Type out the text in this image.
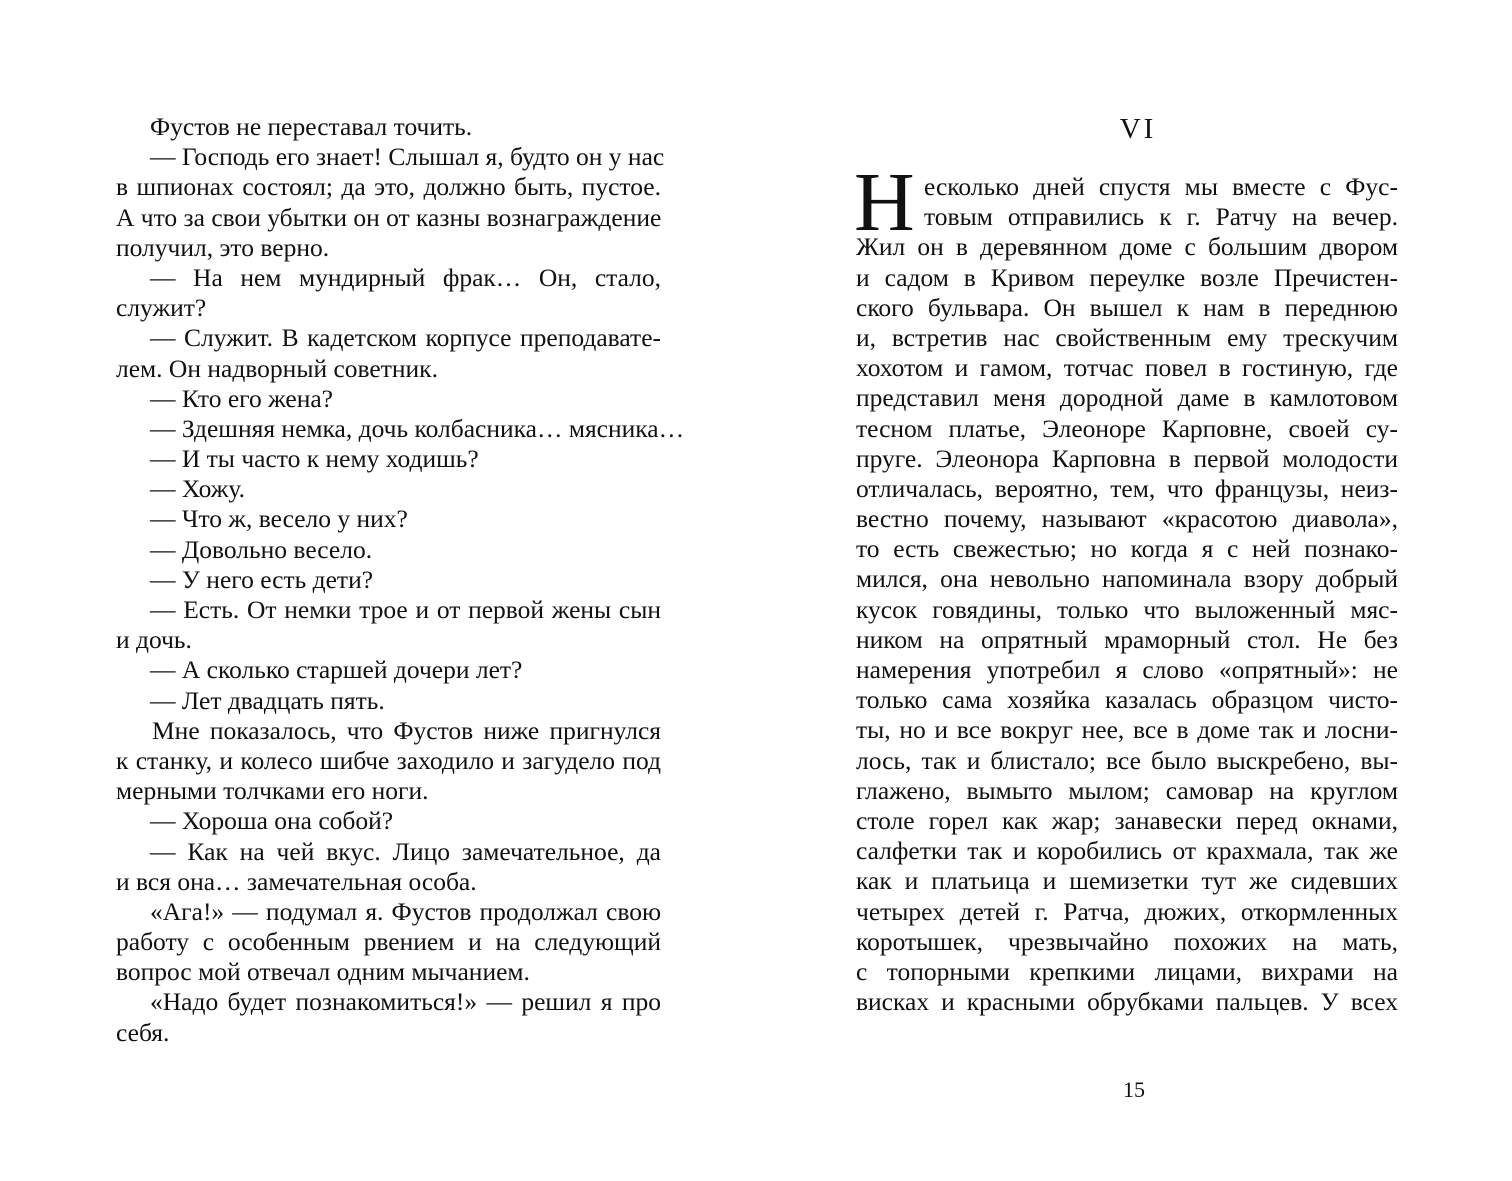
Фустов не переставал точить.
— Господь его знает! Слышал я, будто он у нас
в шпионах состоял; да это, должно быть, пустое.
А что за свои убытки он от казны вознаграждение
получил, это верно.
— На нем мундирный фрак… Он, стало,
служит?
— Служит. В кадетском корпусе преподавате-
лем. Он надворный советник.
— Кто его жена?
— Здешняя немка, дочь колбасника… мясника…
— И ты часто к нему ходишь?
— Хожу.
— Что ж, весело у них?
— Довольно весело.
— У него есть дети?
— Есть. От немки трое и от первой жены сын
и дочь.
— А сколько старшей дочери лет?
— Лет двадцать пять.
Мне показалось, что Фустов ниже пригнулся
к станку, и колесо шибче заходило и загудело под
мерными толчками его ноги.
— Хороша она собой?
— Как на чей вкус. Лицо замечательное, да
и вся она… замечательная особа.
«Ага!» — подумал я. Фустов продолжал свою
работу с особенным рвением и на следующий
вопрос мой отвечал одним мычанием.
«Надо будет познакомиться!» — решил я про
себя.
VI
Н есколько дней спустя мы вместе с Фус-
товым отправились к г. Ратчу на вечер.
Жил он в деревянном доме с большим двором
и садом в Кривом переулке возле Пречистен-
ского бульвара. Он вышел к нам в переднюю
и, встретив нас свойственным ему трескучим
хохотом и гамом, тотчас повел в гостиную, где
представил меня дородной даме в камлотовом
тесном платье, Элеоноре Карповне, своей су-
пруге. Элеонора Карповна в первой молодости
отличалась, вероятно, тем, что французы, неиз-
вестно почему, называют «красотою диавола»,
то есть свежестью; но когда я с ней познако-
мился, она невольно напоминала взору добрый
кусок говядины, только что выложенный мяс-
ником на опрятный мраморный стол. Не без
намерения употребил я слово «опрятный»: не
только сама хозяйка казалась образцом чисто-
ты, но и все вокруг нее, все в доме так и лосни-
лось, так и блистало; все было выскребено, вы-
глажено, вымыто мылом; самовар на круглом
столе горел как жар; занавески перед окнами,
салфетки так и коробились от крахмала, так же
как и платьица и шемизетки тут же сидевших
четырех детей г. Ратча, дюжих, откормленных
коротышек, чрезвычайно похожих на мать,
с топорными крепкими лицами, вихрами на
висках и красными обрубками пальцев. У всех
15
